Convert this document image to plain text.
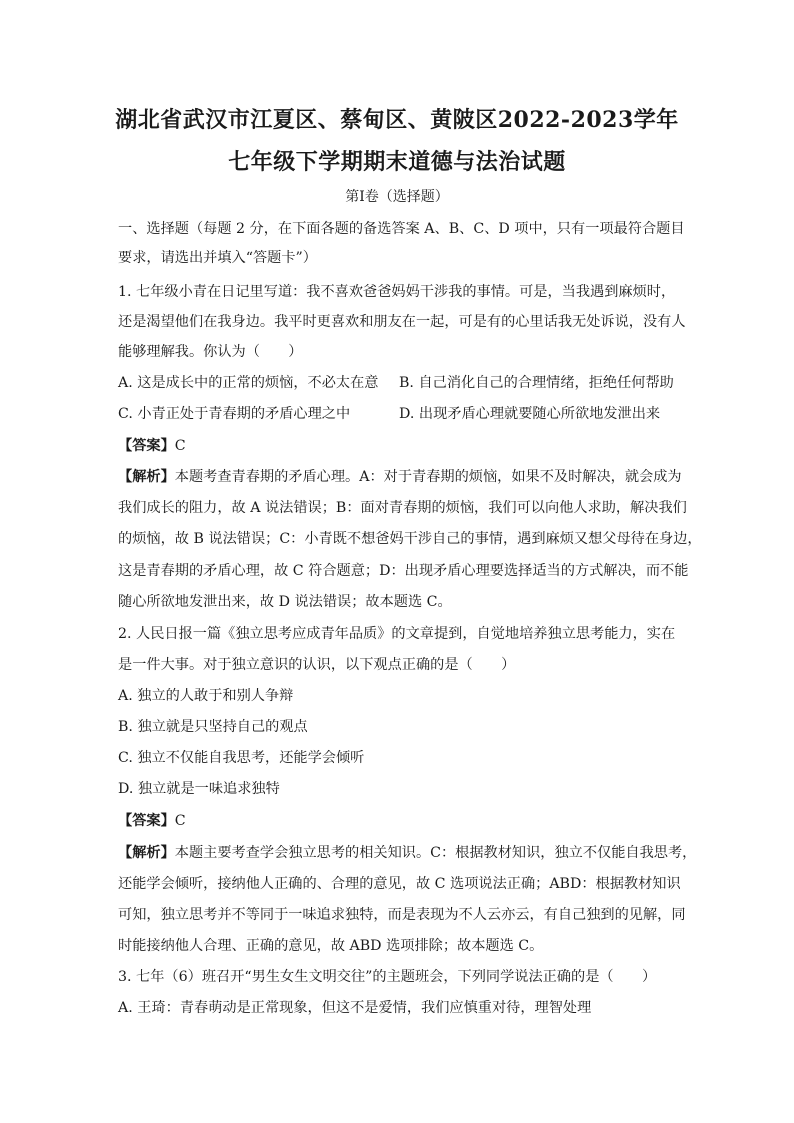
湖北省武汉市江夏区、蔡甸区、黄陂区2022-2023学年
七年级下学期期末道德与法治试题
第Ⅰ卷（选择题）
一、选择题（每题 2 分，在下面各题的备选答案 A、B、C、D 项中，只有一项最符合题目
要求，请选出并填入“答题卡”）
1. 七年级小青在日记里写道：我不喜欢爸爸妈妈干涉我的事情。可是，当我遇到麻烦时，
还是渴望他们在我身边。我平时更喜欢和朋友在一起，可是有的心里话我无处诉说，没有人
能够理解我。你认为（　　）
A. 这是成长中的正常的烦恼，不必太在意 B. 自己消化自己的合理情绪，拒绝任何帮助
C. 小青正处于青春期的矛盾心理之中	D. 出现矛盾心理就要随心所欲地发泄出来
【答案】C
【解析】本题考查青春期的矛盾心理。A：对于青春期的烦恼，如果不及时解决，就会成为
我们成长的阻力，故 A 说法错误；B：面对青春期的烦恼，我们可以向他人求助，解决我们
的烦恼，故 B 说法错误；C：小青既不想爸妈干涉自己的事情，遇到麻烦又想父母待在身边，
这是青春期的矛盾心理，故 C 符合题意；D：出现矛盾心理要选择适当的方式解决，而不能
随心所欲地发泄出来，故 D 说法错误；故本题选 C。
2. 人民日报一篇《独立思考应成青年品质》的文章提到，自觉地培养独立思考能力，实在
是一件大事。对于独立意识的认识，以下观点正确的是（　　）
A. 独立的人敢于和别人争辩
B. 独立就是只坚持自己的观点
C. 独立不仅能自我思考，还能学会倾听
D. 独立就是一味追求独特
【答案】C
【解析】本题主要考查学会独立思考的相关知识。C：根据教材知识，独立不仅能自我思考，
还能学会倾听，接纳他人正确的、合理的意见，故 C 选项说法正确；ABD：根据教材知识
可知，独立思考并不等同于一味追求独特，而是表现为不人云亦云，有自己独到的见解，同
时能接纳他人合理、正确的意见，故 ABD 选项排除；故本题选 C。
3. 七年（6）班召开“男生女生文明交往”的主题班会，下列同学说法正确的是（　　）
A. 王琦：青春萌动是正常现象，但这不是爱情，我们应慎重对待，理智处理
